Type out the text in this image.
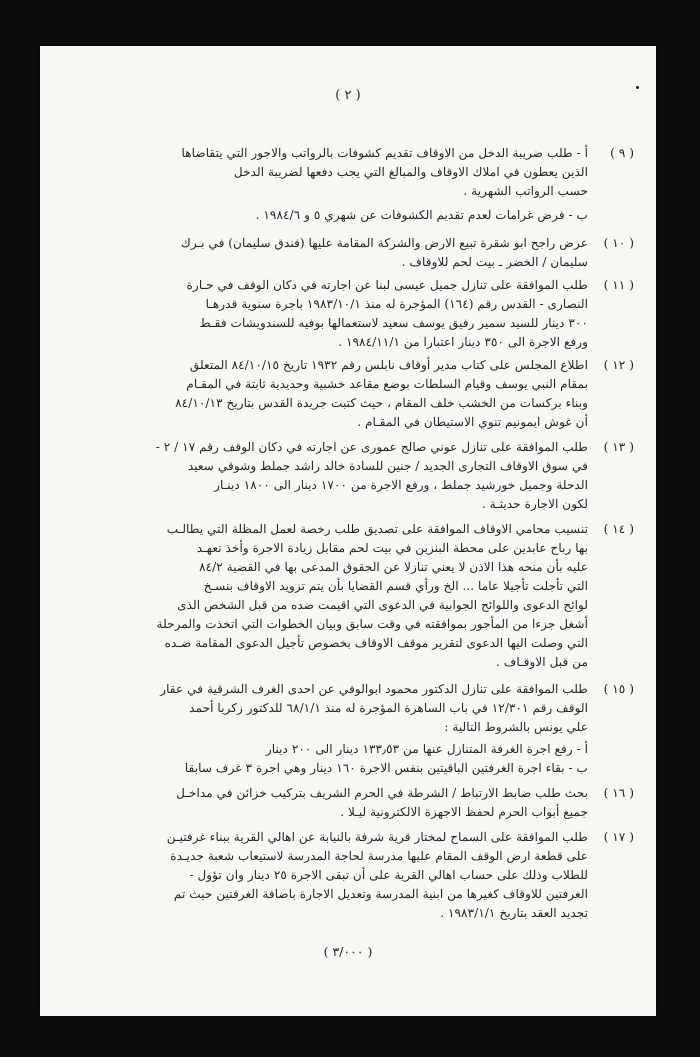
( ٢ )
( ٩ )
أ - طلب ضريبة الدخل من الاوقاف تقديم كشوفات بالرواتب والاجور التي يتقاضاها
الذين يعطون في املاك الاوقاف والمبالغ التي يجب دفعها لضريبة الدخل
حسب الرواتب الشهرية .
ب - فرض غرامات لعدم تقديم الكشوفات عن شهري ٥ و ١٩٨٤/٦ .
( ١٠ )
عرض راجح ابو شقرة تبيع الارض والشركة المقامة عليها (فندق سليمان) في بـرك
سليمان / الخضر ـ بيت لحم للاوقاف .
( ١١ )
طلب الموافقة على تنازل جميل عيسى لبنا عن اجارته في دكان الوقف في حـارة
النصارى - القدس رقم (١٦٤) المؤجرة له منذ ١٩٨٣/١٠/١ باجرة سنوية قدرهـا
٣٠٠ دينار للسيد سمير رفيق يوسف سعيد لاستعمالها بوفيه للسندويشات فقـط
ورفع الاجرة الى ٣٥٠ دينار اعتبارا من ١٩٨٤/١١/١ .
( ١٢ )
اطلاع المجلس على كتاب مدير أوقاف نابلس رقم ١٩٣٢ تاريخ ٨٤/١٠/١٥ المتعلق
بمقام النبي يوسف وقيام السلطات بوضع مقاعد خشبية وحديدية ثابتة في المقـام
وبناء بركسات من الخشب خلف المقام ، حيث كتبت جريدة القدس بتاريخ ٨٤/١٠/١٣
أن غوش ايمونيم تنوي الاستيطان في المقـام .
( ١٣ )
طلب الموافقة على تنازل عوني صالح عمورى عن اجارته في دكان الوقف رقم ١٧ / ٢ -
في سوق الاوقاف التجارى الجديد / جنين للسادة خالد راشد جملط وشوقي سعيد
الدحلة وجميل خورشيد جملط ، ورفع الاجرة من ١٧٠٠ دينار الى ١٨٠٠ دينـار
لكون الاجارة حديثـة .
( ١٤ )
تنسيب محامي الاوقاف الموافقة على تصديق طلب رخصة لعمل المظلة التي يطالـب
بها رباح عابدين على محطة البنزين في بيت لحم مقابل زيادة الاجرة وأخذ تعهـد
عليه بأن منحه هذا الاذن لا يعني تنازلا عن الحقوق المدعى بها في القضية ٨٤/٢
التي تأجلت تأجيلا عاما ... الخ ورأي قسم القضايا بأن يتم تزويد الاوقاف بنسـخ
لوائح الدعوى واللوائح الجوابية في الدعوى التي اقيمت ضده من قبل الشخص الذى
أشغل جزءا من المأجور بموافقته في وقت سابق وبيان الخطوات التي اتخذت والمرحلة
التي وصلت اليها الدعوى لتقرير موقف الاوقاف بخصوص تأجيل الدعوى المقامة ضـده
من قبل الاوقـاف .
( ١٥ )
طلب الموافقة على تنازل الدكتور محمود ابوالوفي عن احدى الغرف الشرقية في عقار
الوقف رقم ١٢/٣٠١ في باب الساهرة المؤجرة له منذ ٦٨/١/١ للدكتور زكريا أحمد
علي يونس بالشروط التالية :
أ - رفع اجرة الغرفة المتنازل عنها من ١٣٣٫٥٣ دينار الى ٢٠٠ دينار
ب - بقاء اجرة الغرفتين الباقيتين بنفس الاجرة ١٦٠ دينار وهي اجرة ٣ غرف سابقا
( ١٦ )
بحث طلب ضابط الارتباط / الشرطة في الحرم الشريف بتركيب خزائن في مداخـل
جميع أبواب الحرم لحفظ الاجهزة الالكترونية ليـلا .
( ١٧ )
طلب الموافقة على السماح لمختار قرية شرفة بالنيابة عن اهالي القرية ببناء غرفتيـن
على قطعة ارض الوقف المقام عليها مدرسة لحاجة المدرسة لاستيعاب شعبة جديـدة
للطلاب وذلك على حساب اهالي القرية على أن تبقى الاجرة ٢٥ دينار وان تؤول -
الغرفتين للاوقاف كغيرها من ابنية المدرسة وتعديل الاجارة باضافة الغرفتين حيث تم
تجديد العقد بتاريخ ١٩٨٣/١/١ .
( ٣/٠٠٠ )
